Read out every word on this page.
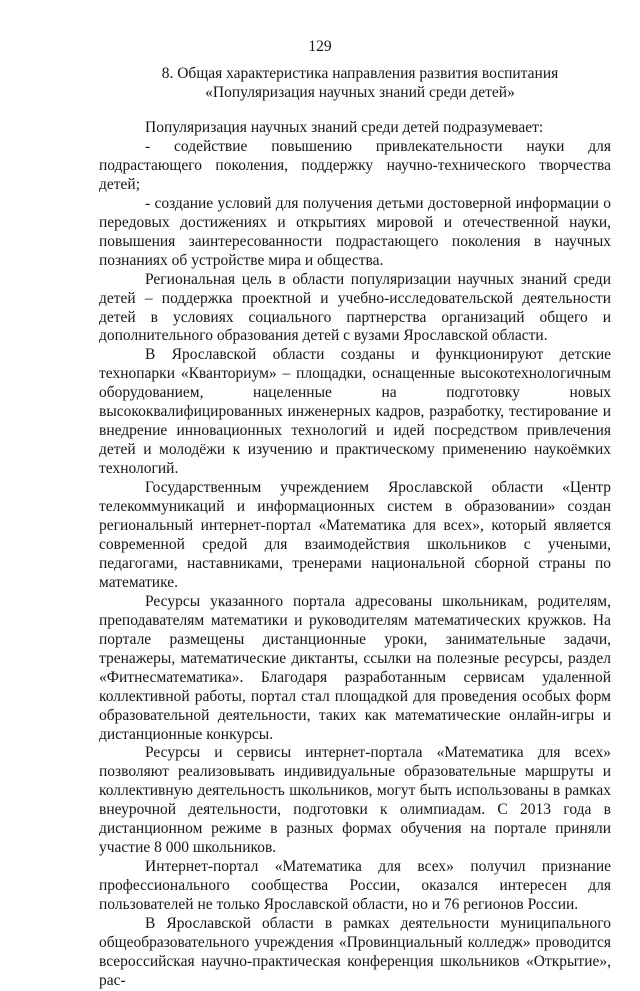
129
8. Общая характеристика направления развития воспитания
«Популяризация научных знаний среди детей»

Популяризация научных знаний среди детей подразумевает:

- содействие повышению привлекательности науки для подрастающего поколения, поддержку научно-технического творчества детей;

- создание условий для получения детьми достоверной информации о передовых достижениях и открытиях мировой и отечественной науки, повышения заинтересованности подрастающего поколения в научных познаниях об устройстве мира и общества.

Региональная цель в области популяризации научных знаний среди детей – поддержка проектной и учебно-исследовательской деятельности детей в условиях социального партнерства организаций общего и дополнительного образования детей с вузами Ярославской области.

В Ярославской области созданы и функционируют детские технопарки «Кванториум» – площадки, оснащенные высокотехнологичным оборудованием, нацеленные на подготовку новых высококвалифицированных инженерных кадров, разработку, тестирование и внедрение инновационных технологий и идей посредством привлечения детей и молодёжи к изучению и практическому применению наукоёмких технологий.

Государственным учреждением Ярославской области «Центр телекоммуникаций и информационных систем в образовании» создан региональный интернет-портал «Математика для всех», который является современной средой для взаимодействия школьников с учеными, педагогами, наставниками, тренерами национальной сборной страны по математике.

Ресурсы указанного портала адресованы школьникам, родителям, преподавателям математики и руководителям математических кружков. На портале размещены дистанционные уроки, занимательные задачи, тренажеры, математические диктанты, ссылки на полезные ресурсы, раздел «Фитнесматематика». Благодаря разработанным сервисам удаленной коллективной работы, портал стал площадкой для проведения особых форм образовательной деятельности, таких как математические онлайн-игры и дистанционные конкурсы.

Ресурсы и сервисы интернет-портала «Математика для всех» позволяют реализовывать индивидуальные образовательные маршруты и коллективную деятельность школьников, могут быть использованы в рамках внеурочной деятельности, подготовки к олимпиадам. С 2013 года в дистанционном режиме в разных формах обучения на портале приняли участие 8 000 школьников.

Интернет-портал «Математика для всех» получил признание профессионального сообщества России, оказался интересен для пользователей не только Ярославской области, но и 76 регионов России.

В Ярославской области в рамках деятельности муниципального общеобразовательного учреждения «Провинциальный колледж» проводится всероссийская научно-практическая конференция школьников «Открытие», рас-
